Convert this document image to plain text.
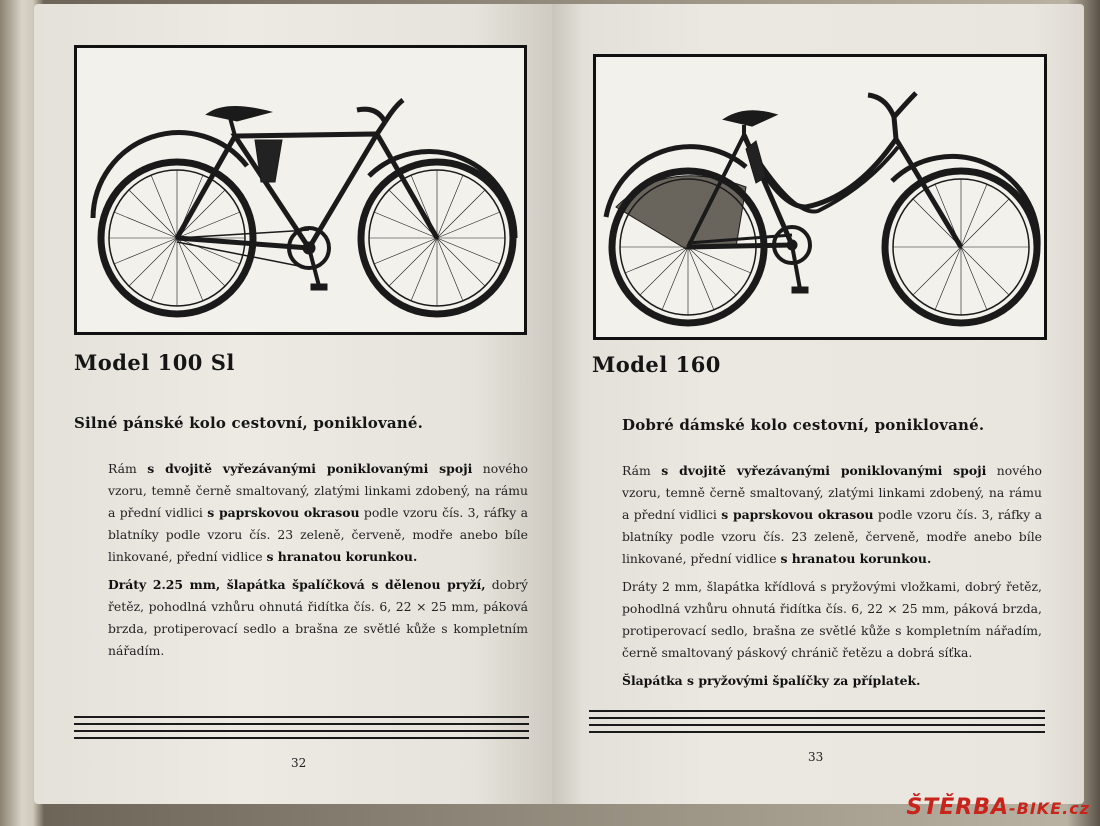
Model 100 Sl
Silné pánské kolo cestovní, poniklované.

Rám s dvojitě vyřezávanými poniklovanými spoji nového vzoru, temně černě smaltovaný, zlatými linkami zdobený, na rámu a přední vidlici s paprskovou okrasou podle vzoru čís. 3, ráfky a blatníky podle vzoru čís. 23 zeleně, červeně, modře anebo bíle linkované, přední vidlice s hranatou korunkou.

Dráty 2.25 mm, šlapátka špalíčková s dělenou pryží, dobrý řetěz, pohodlná vzhůru ohnutá řidítka čís. 6, 22 × 25 mm, páková brzda, protiperovací sedlo a brašna ze světlé kůže s kompletním nářadím.

32
Model 160
Dobré dámské kolo cestovní, poniklované.

Rám s dvojitě vyřezávanými poniklovanými spoji nového vzoru, temně černě smaltovaný, zlatými linkami zdobený, na rámu a přední vidlici s paprskovou okrasou podle vzoru čís. 3, ráfky a blatníky podle vzoru čís. 23 zeleně, červeně, modře anebo bíle linkované, přední vidlice s hranatou korunkou.

Dráty 2 mm, šlapátka křídlová s pryžovými vložkami, dobrý řetěz, pohodlná vzhůru ohnutá řidítka čís. 6, 22 × 25 mm, páková brzda, protiperovací sedlo, brašna ze světlé kůže s kompletním nářadím, černě smaltovaný páskový chránič řetězu a dobrá síťka.

Šlapátka s pryžovými špalíčky za příplatek.

33
ŠTĚRBA-BIKE.cz
